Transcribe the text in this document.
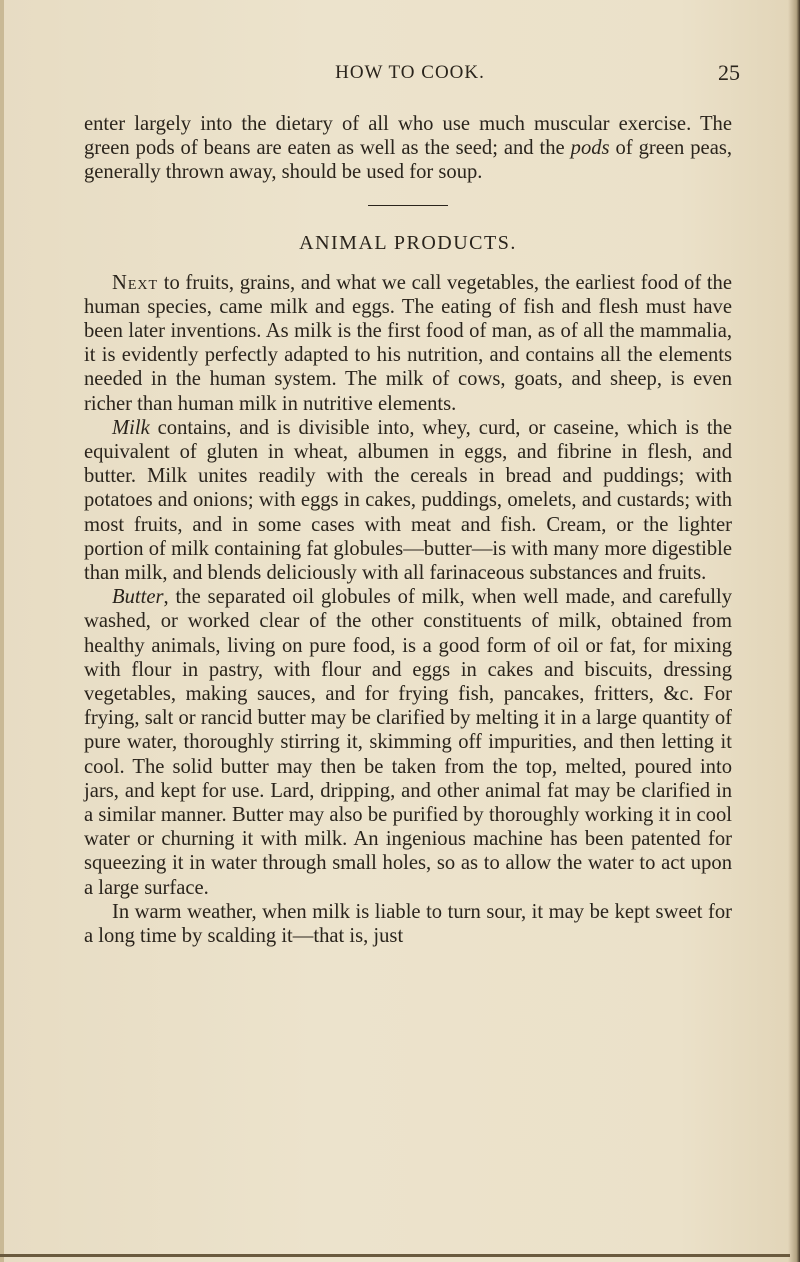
HOW TO COOK.	25

enter largely into the dietary of all who use much muscular exercise. The green pods of beans are eaten as well as the seed; and the pods of green peas, generally thrown away, should be used for soup.

ANIMAL PRODUCTS.

Next to fruits, grains, and what we call vegetables, the earliest food of the human species, came milk and eggs. The eating of fish and flesh must have been later inventions. As milk is the first food of man, as of all the mammalia, it is evidently perfectly adapted to his nutrition, and contains all the elements needed in the human system. The milk of cows, goats, and sheep, is even richer than human milk in nutritive elements.

Milk contains, and is divisible into, whey, curd, or caseine, which is the equivalent of gluten in wheat, albumen in eggs, and fibrine in flesh, and butter. Milk unites readily with the cereals in bread and puddings; with potatoes and onions; with eggs in cakes, puddings, omelets, and custards; with most fruits, and in some cases with meat and fish. Cream, or the lighter portion of milk containing fat globules—butter—is with many more digestible than milk, and blends deliciously with all farinaceous substances and fruits.

Butter, the separated oil globules of milk, when well made, and carefully washed, or worked clear of the other constituents of milk, obtained from healthy animals, living on pure food, is a good form of oil or fat, for mixing with flour in pastry, with flour and eggs in cakes and biscuits, dressing vegetables, making sauces, and for frying fish, pancakes, fritters, &c. For frying, salt or rancid butter may be clarified by melting it in a large quantity of pure water, thoroughly stirring it, skimming off impurities, and then letting it cool. The solid butter may then be taken from the top, melted, poured into jars, and kept for use. Lard, dripping, and other animal fat may be clarified in a similar manner. Butter may also be purified by thoroughly working it in cool water or churning it with milk. An ingenious machine has been patented for squeezing it in water through small holes, so as to allow the water to act upon a large surface.

In warm weather, when milk is liable to turn sour, it may be kept sweet for a long time by scalding it—that is, just
